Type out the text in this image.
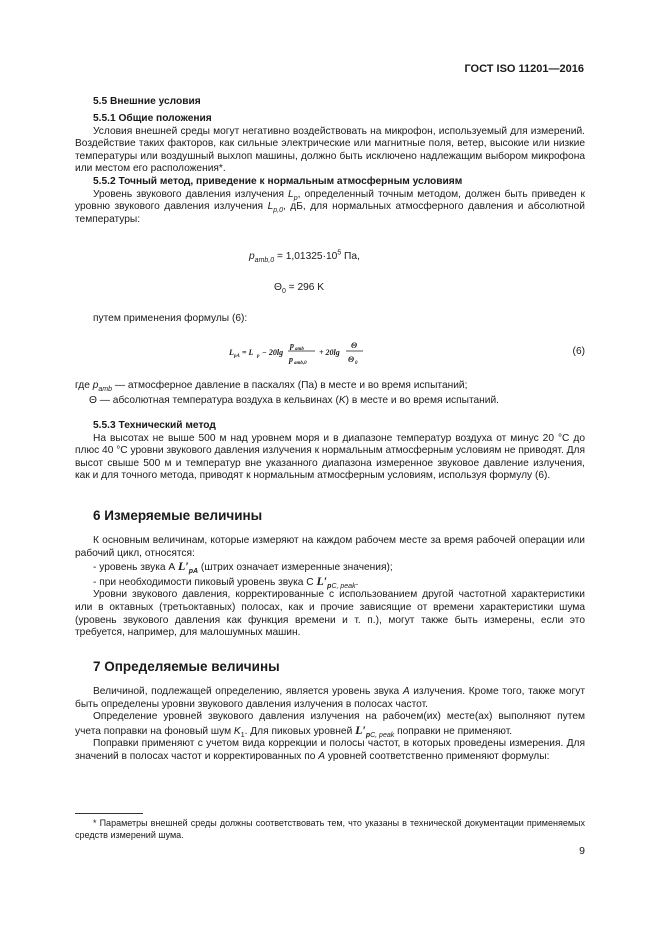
ГОСТ ISO 11201—2016

5.5 Внешние условия

5.5.1 Общие положения

Условия внешней среды могут негативно воздействовать на микрофон, используемый для измерений. Воздействие таких факторов, как сильные электрические или магнитные поля, ветер, высокие или низкие температуры или воздушный выхлоп машины, должно быть исключено надлежащим выбором микрофона или местом его расположения*.

5.5.2 Точный метод, приведение к нормальным атмосферным условиям

Уровень звукового давления излучения $L_p$, определенный точным методом, должен быть приведен к уровню звукового давления излучения $L_{p,0}$, дБ, для нормальных атмосферного давления и абсолютной температуры:

$p_{amb,0} = 1,01325\cdot 10^5$ Па,
$\Theta_0 = 296$ K

путем применения формулы (6):

L pA = L p − 20lg
p amb
p amb,0
+ 20lg
Θ
Θ 0
(6)

где $p_{amb}$ — атмосферное давление в паскалях (Па) в месте и во время испытаний;

Θ — абсолютная температура воздуха в кельвинах (K) в месте и во время испытаний.

5.5.3 Технический метод

На высотах не выше 500 м над уровнем моря и в диапазоне температур воздуха от минус 20 °C до плюс 40 °C уровни звукового давления излучения к нормальным атмосферным условиям не приводят. Для высот свыше 500 м и температур вне указанного диапазона измеренное звуковое давление излучения, как и для точного метода, приводят к нормальным атмосферным условиям, используя формулу (6).

6 Измеряемые величины

К основным величинам, которые измеряют на каждом рабочем месте за время рабочей операции или рабочий цикл, относятся:

- уровень звука А $L'_{pA}$ (штрих означает измеренные значения);

- при необходимости пиковый уровень звука С $L'_{pC, peak}$.

Уровни звукового давления, корректированные с использованием другой частотной характеристики или в октавных (третьоктавных) полосах, как и прочие зависящие от времени характеристики шума (уровень звукового давления как функция времени и т. п.), могут также быть измерены, если это требуется, например, для малошумных машин.

7 Определяемые величины

Величиной, подлежащей определению, является уровень звука A излучения. Кроме того, также могут быть определены уровни звукового давления излучения в полосах частот.

Определение уровней звукового давления излучения на рабочем(их) месте(ах) выполняют путем учета поправки на фоновый шум $K_1$. Для пиковых уровней $L'_{pC, peak}$ поправки не применяют.

Поправки применяют с учетом вида коррекции и полосы частот, в которых проведены измерения. Для значений в полосах частот и корректированных по A уровней соответственно применяют формулы:

* Параметры внешней среды должны соответствовать тем, что указаны в технической документации применяемых средств измерений шума.

9
